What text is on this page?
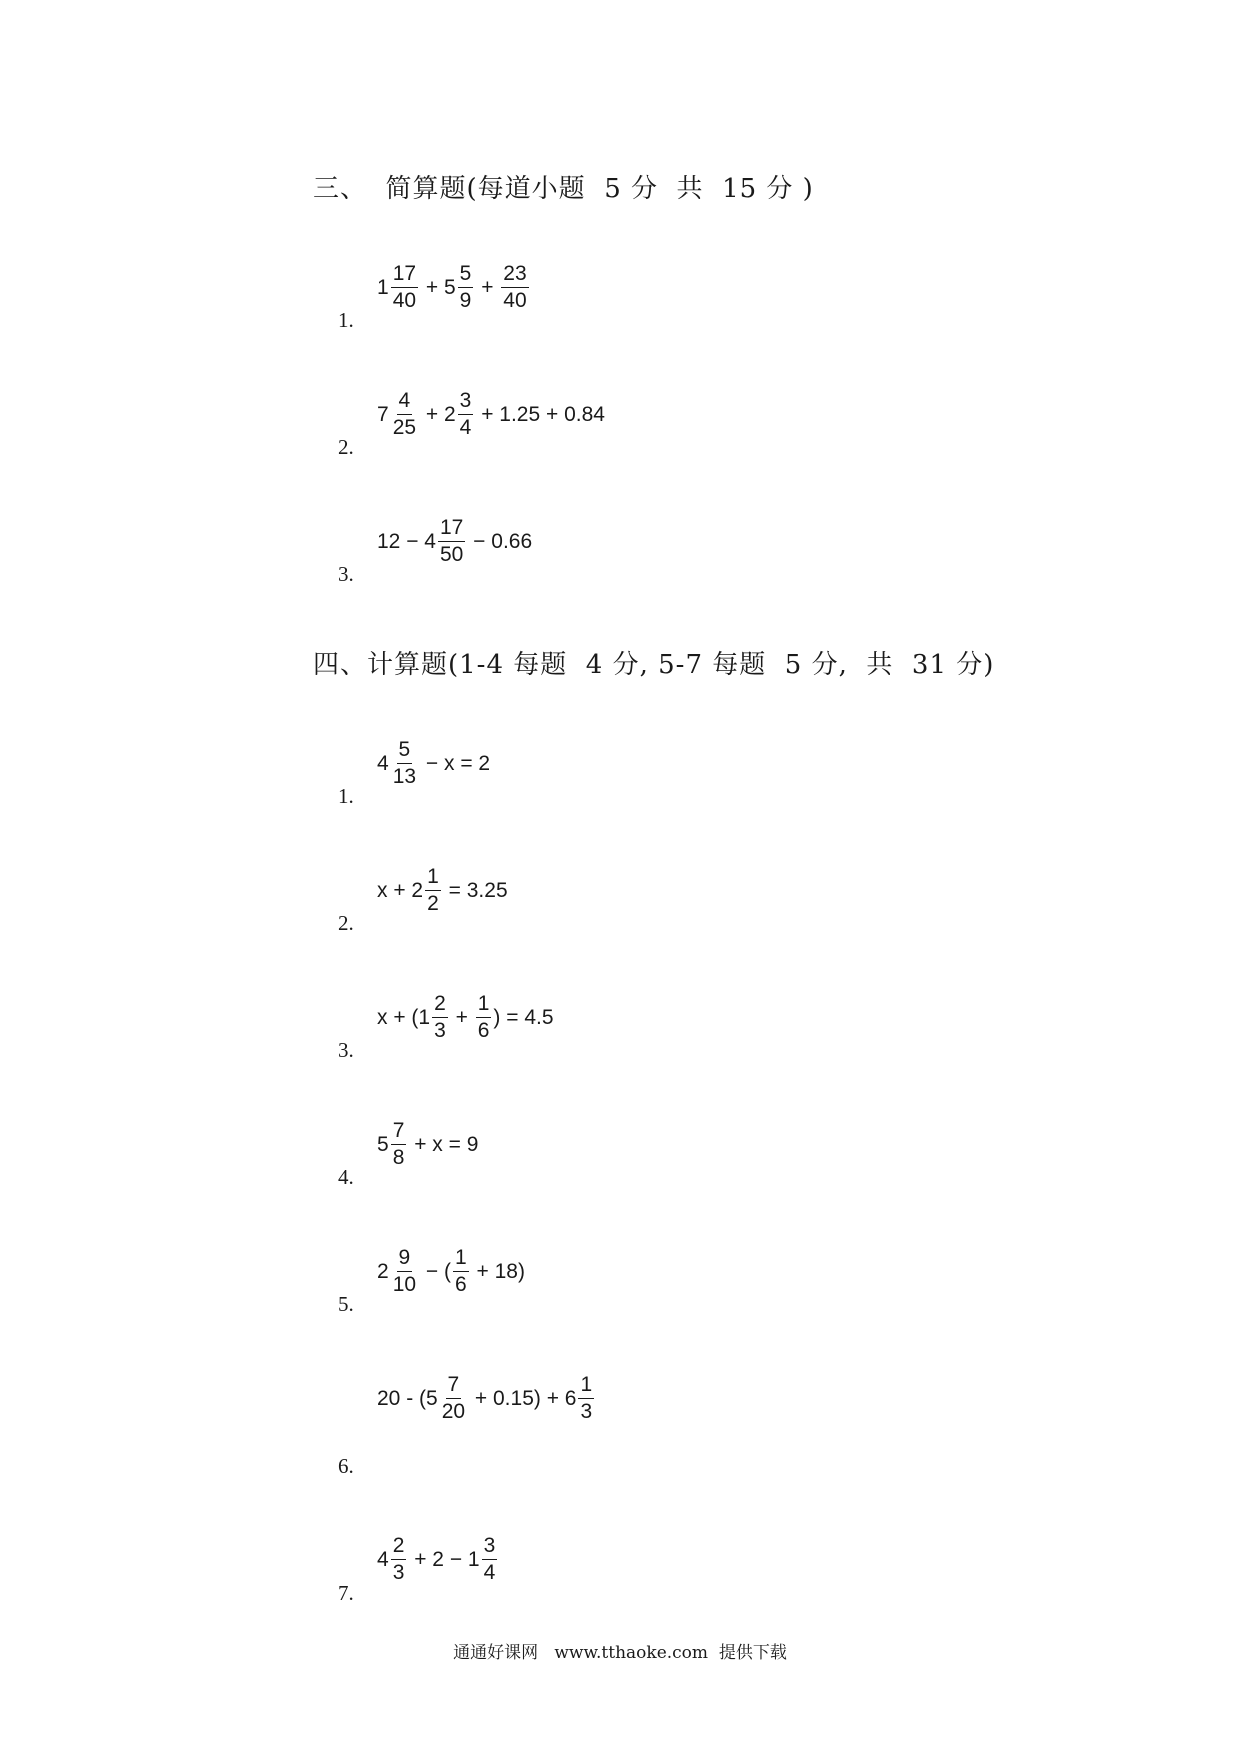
三、  简算题(每道小题  5 分  共  15 分 )
四、计算题(1-4 每题  4 分, 5-7 每题  5 分,  共  31 分)
1.
$1 \frac{17}{40} + 5 \frac{5}{9} + \frac{23}{40}$
2.
$7 \frac{4}{25} + 2 \frac{3}{4} + 1.25 + 0.84$
3.
$12 - 4 \frac{17}{50} - 0.66$
1.
$4 \frac{5}{13} - x = 2$
2.
$x + 2 \frac{1}{2} = 3.25$
3.
$x + (1 \frac{2}{3} + \frac{1}{6}$ ) = 4.5
4.
$5 \frac{7}{8} + x = 9$
5.
$2 \frac{9}{10}$ − ( $\frac{1}{6} + 18$)
6.
$20 - (5 \frac{7}{20} + 0.15) + 6 \frac{1}{3}$
7.
$4 \frac{2}{3} + 2 - 1 \frac{3}{4}$
通通好课网   www.tthaoke.com  提供下载
